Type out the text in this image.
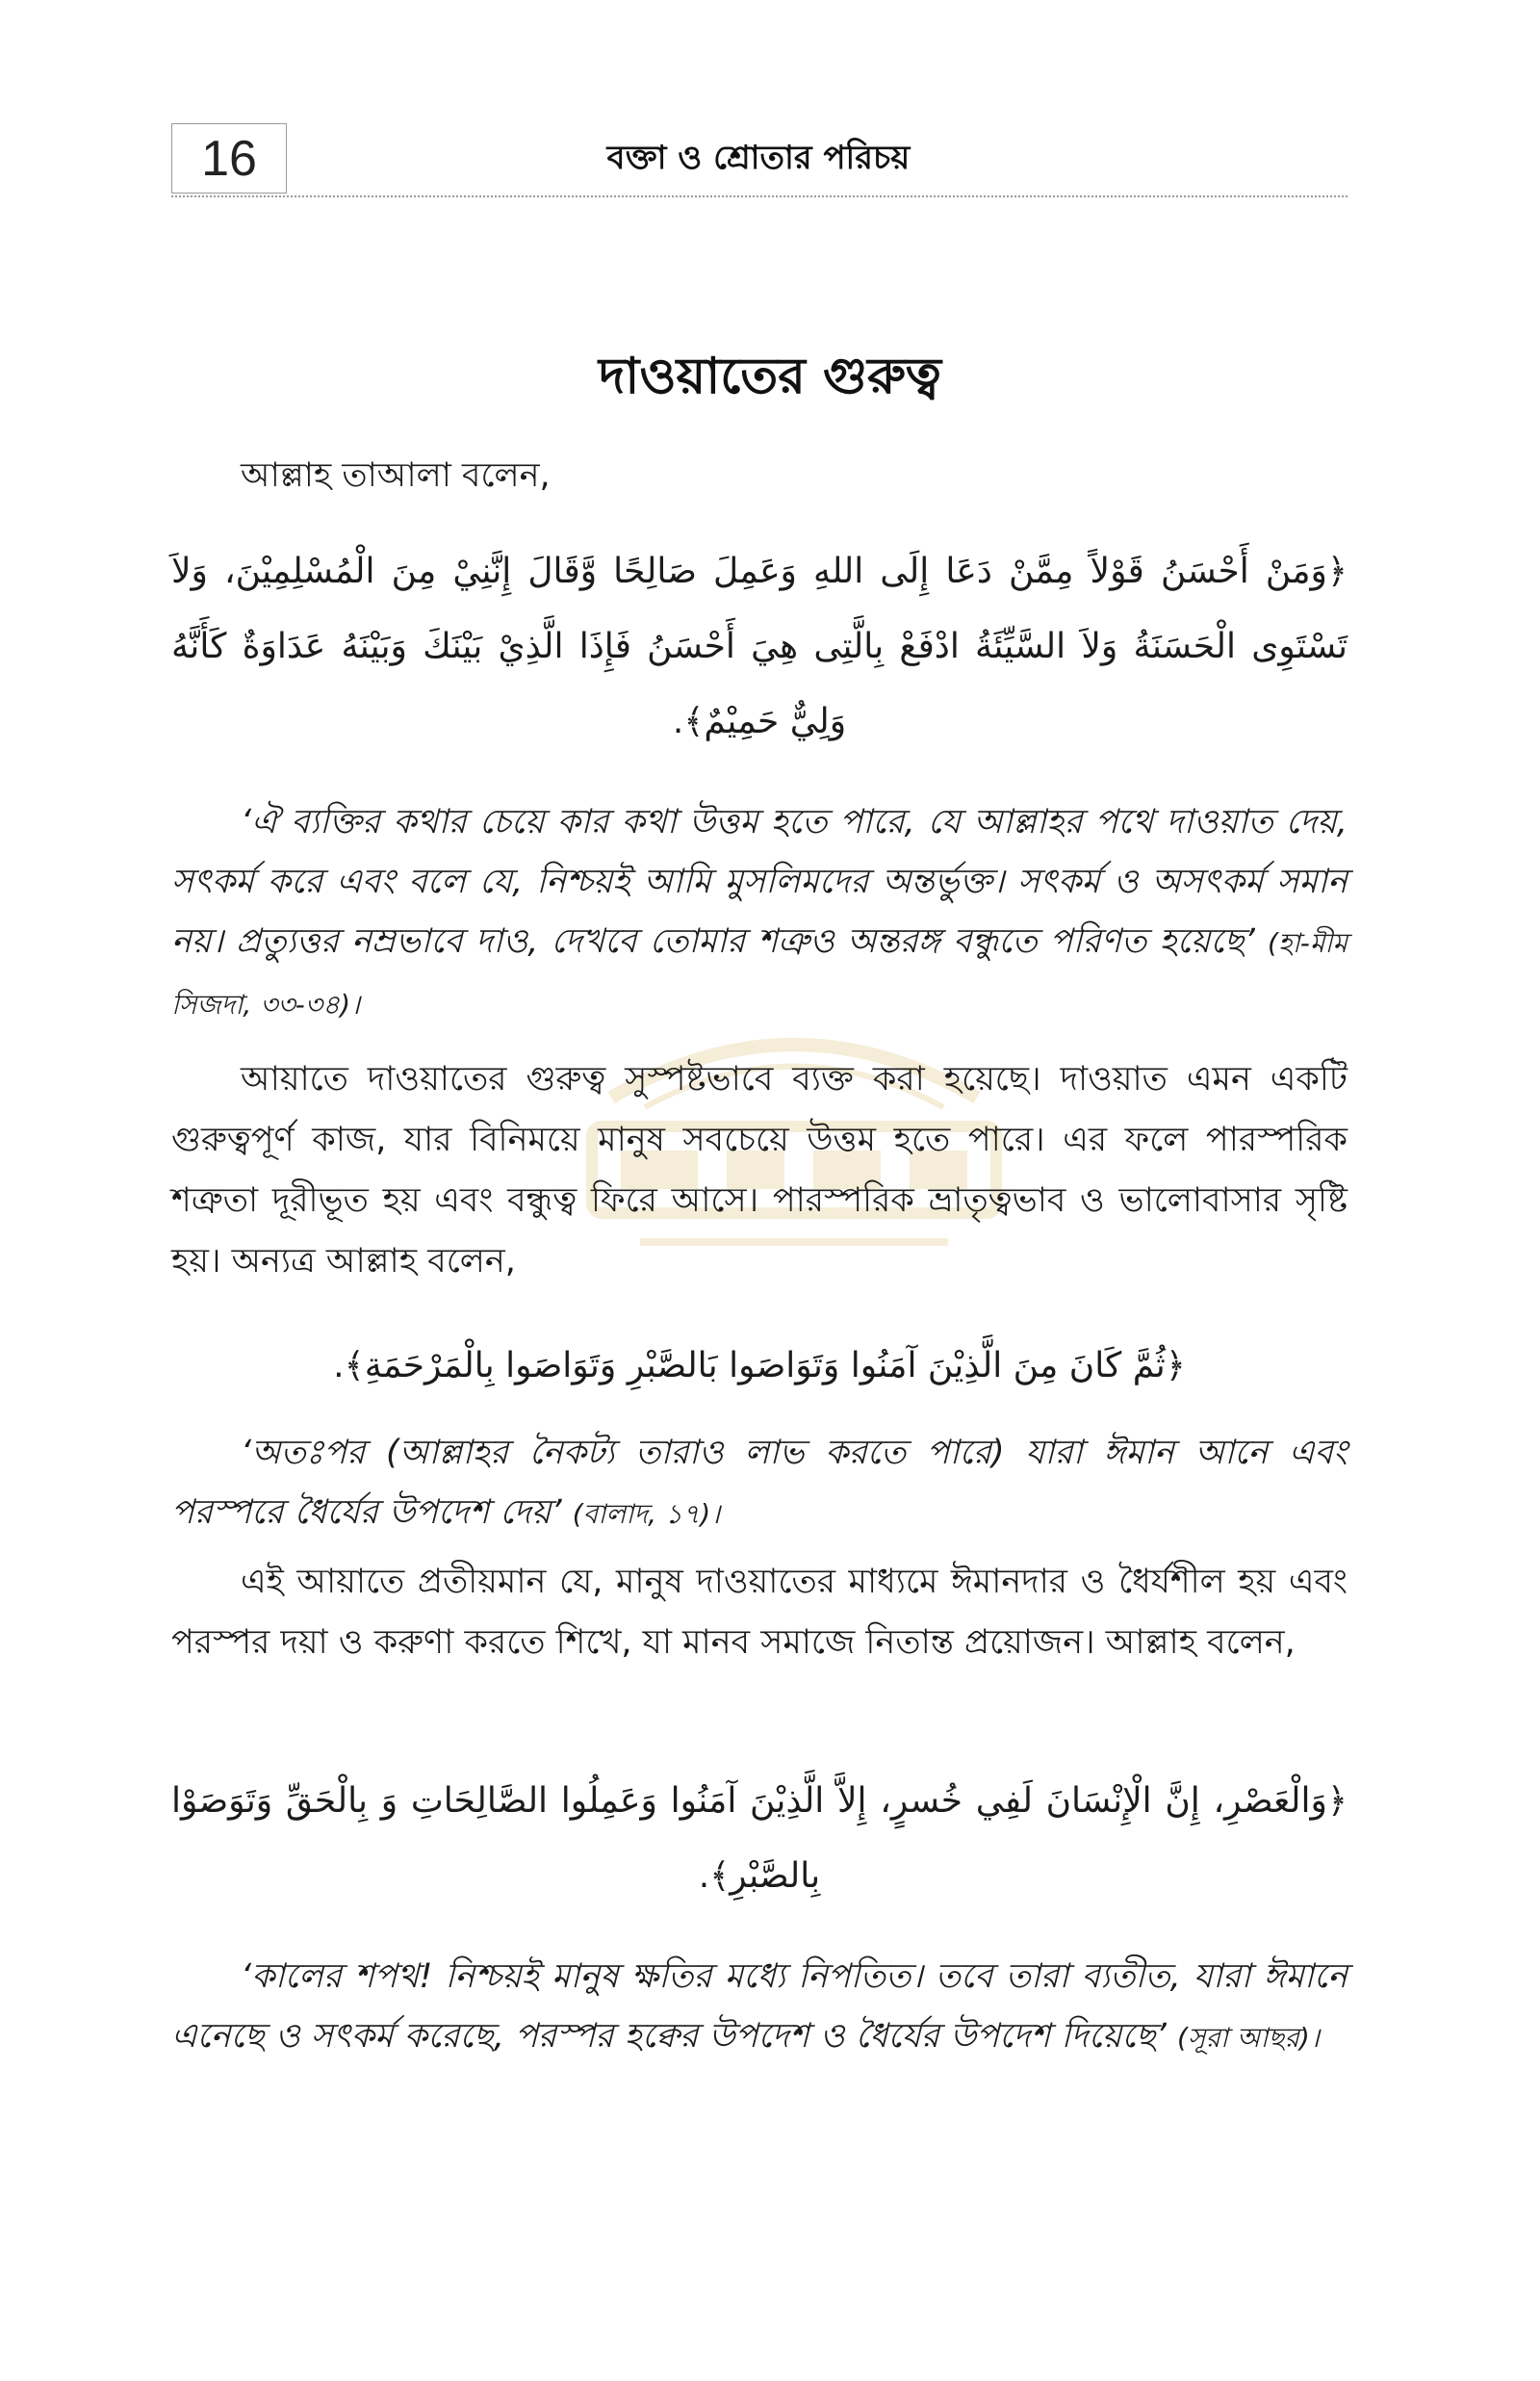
16	বক্তা ও শ্রোতার পরিচয়
দাওয়াতের গুরুত্ব

আল্লাহ তাআলা বলেন,

﴿وَمَنْ أَحْسَنُ قَوْلاً مِمَّنْ دَعَا إِلَى اللهِ وَعَمِلَ صَالِحًا وَّقَالَ إِنَّنِيْ مِنَ الْمُسْلِمِيْنَ، وَلاَ تَسْتَوِى الْحَسَنَةُ وَلاَ السَّيِّئَةُ ادْفَعْ بِالَّتِى هِيَ أَحْسَنُ فَإِذَا الَّذِيْ بَيْنَكَ وَبَيْنَهُ عَدَاوَةٌ كَأَنَّهُ وَلِيٌّ حَمِيْمٌ﴾.

‘ঐ ব্যক্তির কথার চেয়ে কার কথা উত্তম হতে পারে, যে আল্লাহর পথে দাওয়াত দেয়, সৎকর্ম করে এবং বলে যে, নিশ্চয়ই আমি মুসলিমদের অন্তর্ভুক্ত। সৎকর্ম ও অসৎকর্ম সমান নয়। প্রত্যুত্তর নম্রভাবে দাও, দেখবে তোমার শত্রুও অন্তরঙ্গ বন্ধুতে পরিণত হয়েছে’ (হা-মীম সিজদা, ৩৩-৩৪)।

আয়াতে দাওয়াতের গুরুত্ব সুস্পষ্টভাবে ব্যক্ত করা হয়েছে। দাওয়াত এমন একটি গুরুত্বপূর্ণ কাজ, যার বিনিময়ে মানুষ সবচেয়ে উত্তম হতে পারে। এর ফলে পারস্পরিক শত্রুতা দূরীভূত হয় এবং বন্ধুত্ব ফিরে আসে। পারস্পরিক ভ্রাতৃত্বভাব ও ভালোবাসার সৃষ্টি হয়। অন্যত্র আল্লাহ বলেন,

﴿ثُمَّ كَانَ مِنَ الَّذِيْنَ آمَنُوا وَتَوَاصَوا بَالصَّبْرِ وَتَوَاصَوا بِالْمَرْحَمَةِ﴾.

‘অতঃপর (আল্লাহর নৈকট্য তারাও লাভ করতে পারে) যারা ঈমান আনে এবং পরস্পরে ধৈর্যের উপদেশ দেয়’ (বালাদ, ১৭)।

এই আয়াতে প্রতীয়মান যে, মানুষ দাওয়াতের মাধ্যমে ঈমানদার ও ধৈর্যশীল হয় এবং পরস্পর দয়া ও করুণা করতে শিখে, যা মানব সমাজে নিতান্ত প্রয়োজন। আল্লাহ বলেন,

﴿وَالْعَصْرِ، إِنَّ الْإِنْسَانَ لَفِي خُسرٍ، إِلاَّ الَّذِيْنَ آمَنُوا وَعَمِلُوا الصَّالِحَاتِ وَ بِالْحَقِّ وَتَوَصَوْا بِالصَّبْرِ﴾.

‘কালের শপথ! নিশ্চয়ই মানুষ ক্ষতির মধ্যে নিপতিত। তবে তারা ব্যতীত, যারা ঈমানে এনেছে ও সৎকর্ম করেছে, পরস্পর হক্বের উপদেশ ও ধৈর্যের উপদেশ দিয়েছে’ (সূরা আছর)।
